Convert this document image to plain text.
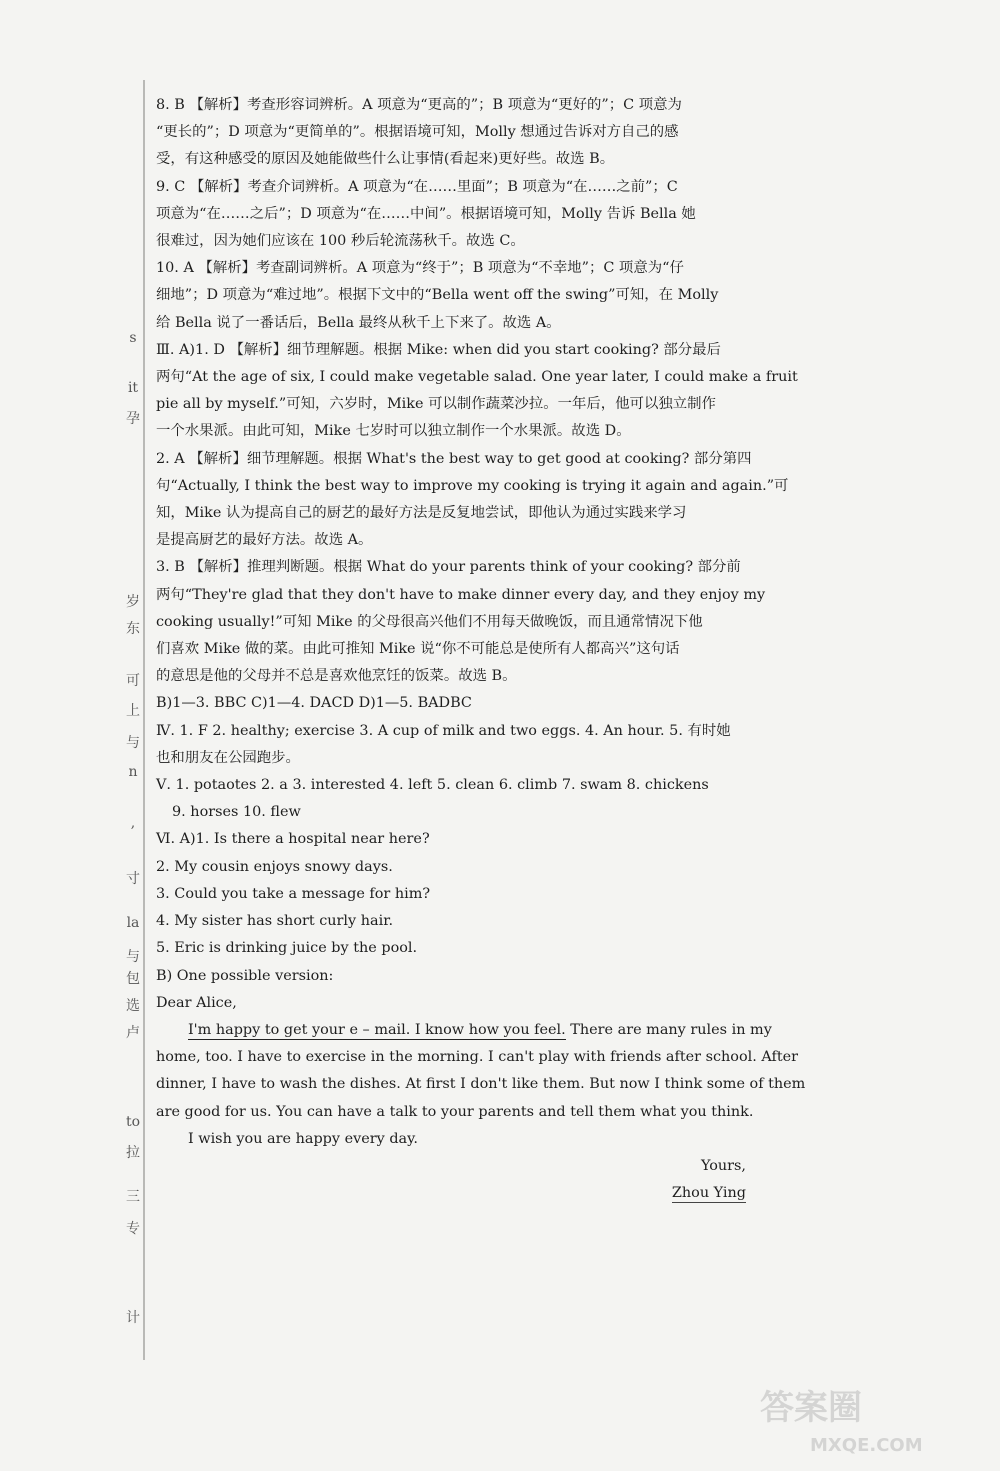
s
it
孕
岁
东
可
上
与
n
,
寸
la
与
包
选
卢
to
拉
三
专
计
8. B 【解析】考查形容词辨析。A 项意为“更高的”；B 项意为“更好的”；C 项意为
“更长的”；D 项意为“更简单的”。根据语境可知，Molly 想通过告诉对方自己的感
受，有这种感受的原因及她能做些什么让事情(看起来)更好些。故选 B。
9. C 【解析】考查介词辨析。A 项意为“在……里面”；B 项意为“在……之前”；C
项意为“在……之后”；D 项意为“在……中间”。根据语境可知，Molly 告诉 Bella 她
很难过，因为她们应该在 100 秒后轮流荡秋千。故选 C。
10. A 【解析】考查副词辨析。A 项意为“终于”；B 项意为“不幸地”；C 项意为“仔
细地”；D 项意为“难过地”。根据下文中的“Bella went off the swing”可知，在 Molly
给 Bella 说了一番话后，Bella 最终从秋千上下来了。故选 A。
Ⅲ. A)1. D 【解析】细节理解题。根据 Mike: when did you start cooking? 部分最后
两句“At the age of six, I could make vegetable salad. One year later, I could make a fruit
pie all by myself.”可知，六岁时，Mike 可以制作蔬菜沙拉。一年后，他可以独立制作
一个水果派。由此可知，Mike 七岁时可以独立制作一个水果派。故选 D。
2. A 【解析】细节理解题。根据 What's the best way to get good at cooking? 部分第四
句“Actually, I think the best way to improve my cooking is trying it again and again.”可
知，Mike 认为提高自己的厨艺的最好方法是反复地尝试，即他认为通过实践来学习
是提高厨艺的最好方法。故选 A。
3. B 【解析】推理判断题。根据 What do your parents think of your cooking? 部分前
两句“They're glad that they don't have to make dinner every day, and they enjoy my
cooking usually!”可知 Mike 的父母很高兴他们不用每天做晚饭，而且通常情况下他
们喜欢 Mike 做的菜。由此可推知 Mike 说“你不可能总是使所有人都高兴”这句话
的意思是他的父母并不总是喜欢他烹饪的饭菜。故选 B。
B)1—3. BBC C)1—4. DACD D)1—5. BADBC
Ⅳ. 1. F 2. healthy; exercise 3. A cup of milk and two eggs. 4. An hour. 5. 有时她
也和朋友在公园跑步。
Ⅴ. 1. potaotes 2. a 3. interested 4. left 5. clean 6. climb 7. swam 8. chickens
9. horses 10. flew
Ⅵ. A)1. Is there a hospital near here?
2. My cousin enjoys snowy days.
3. Could you take a message for him?
4. My sister has short curly hair.
5. Eric is drinking juice by the pool.
B) One possible version:
Dear Alice,
I'm happy to get your e – mail. I know how you feel. There are many rules in my
home, too. I have to exercise in the morning. I can't play with friends after school. After
dinner, I have to wash the dishes. At first I don't like them. But now I think some of them
are good for us. You can have a talk to your parents and tell them what you think.
I wish you are happy every day.
Yours,
Zhou Ying
答案圈
MXQE.COM
